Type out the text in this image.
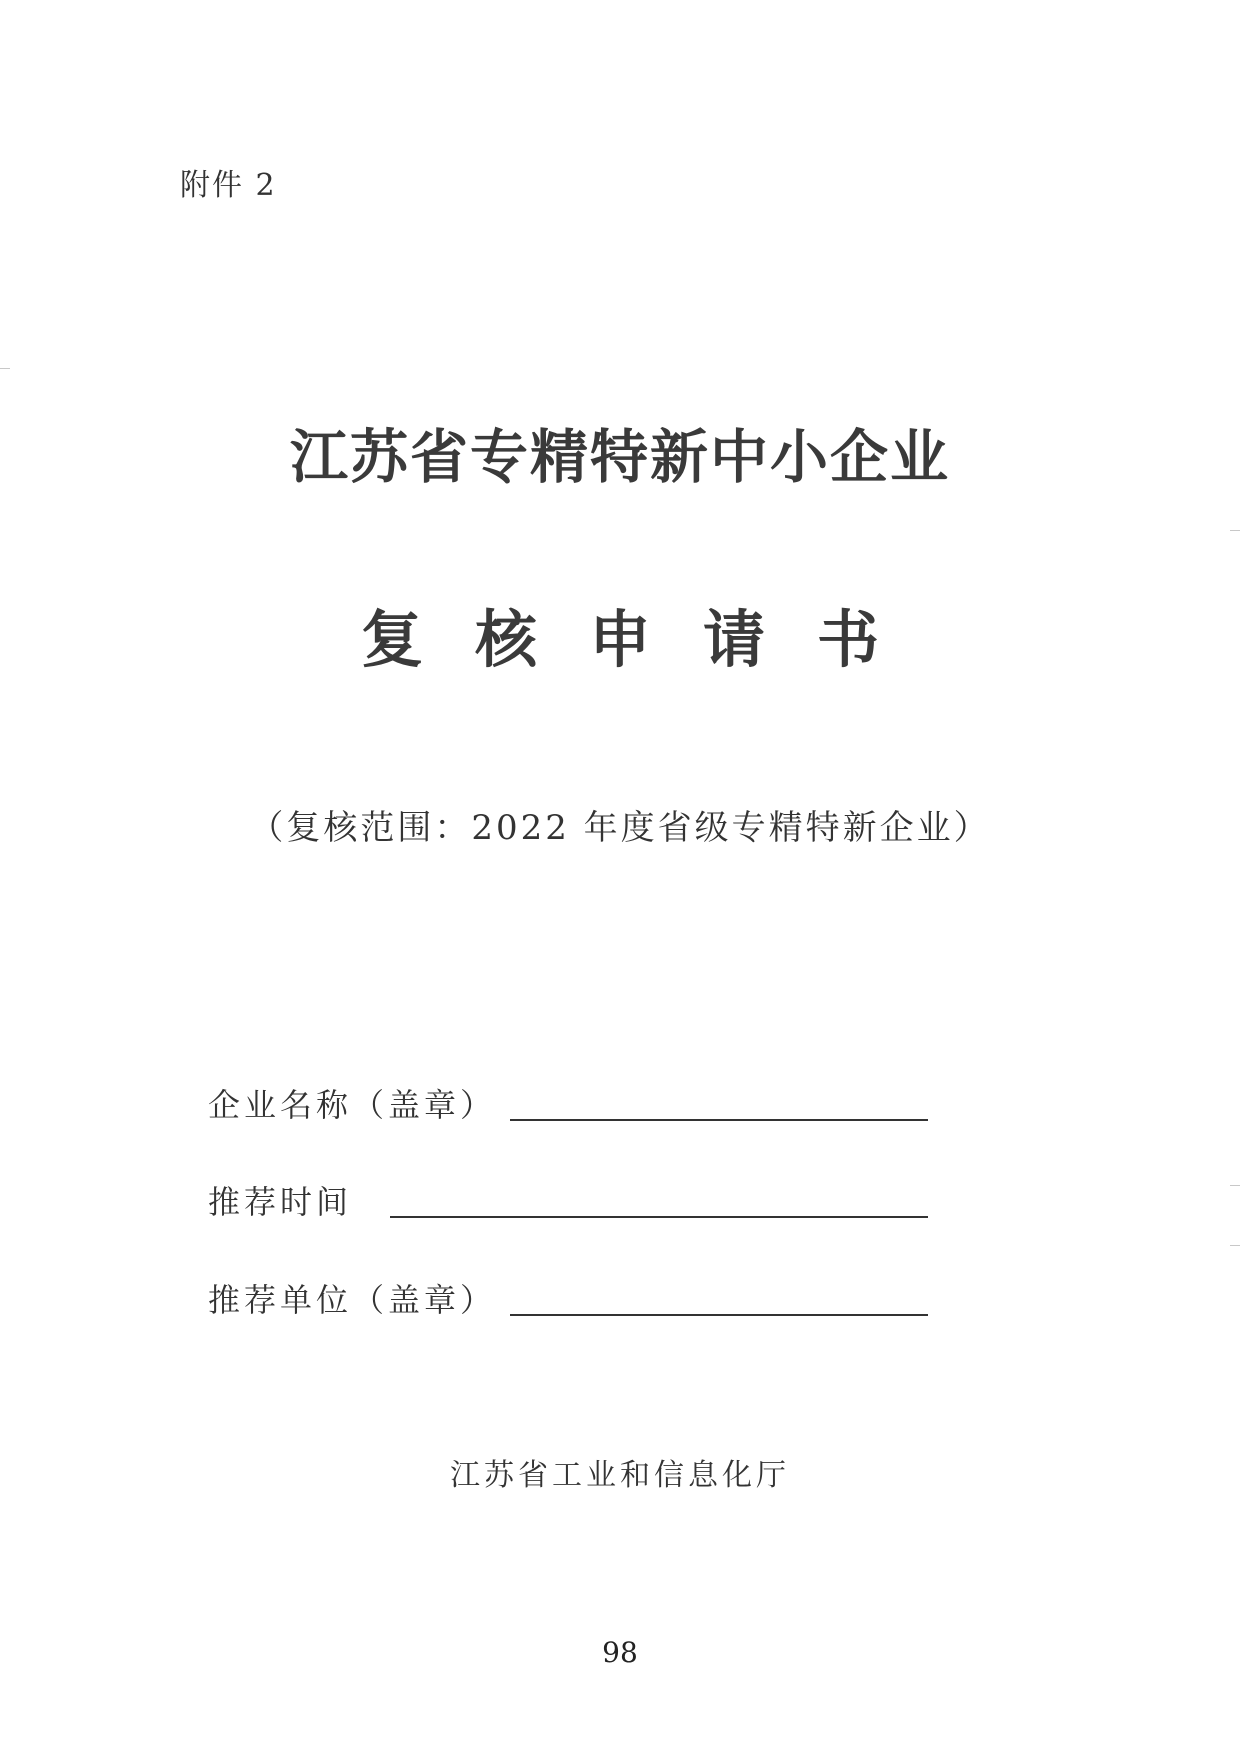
附件 2
江苏省专精特新中小企业
复核申请书
（复核范围：2022 年度省级专精特新企业）
企业名称（盖章）
推荐时间
推荐单位（盖章）
江苏省工业和信息化厅
98
